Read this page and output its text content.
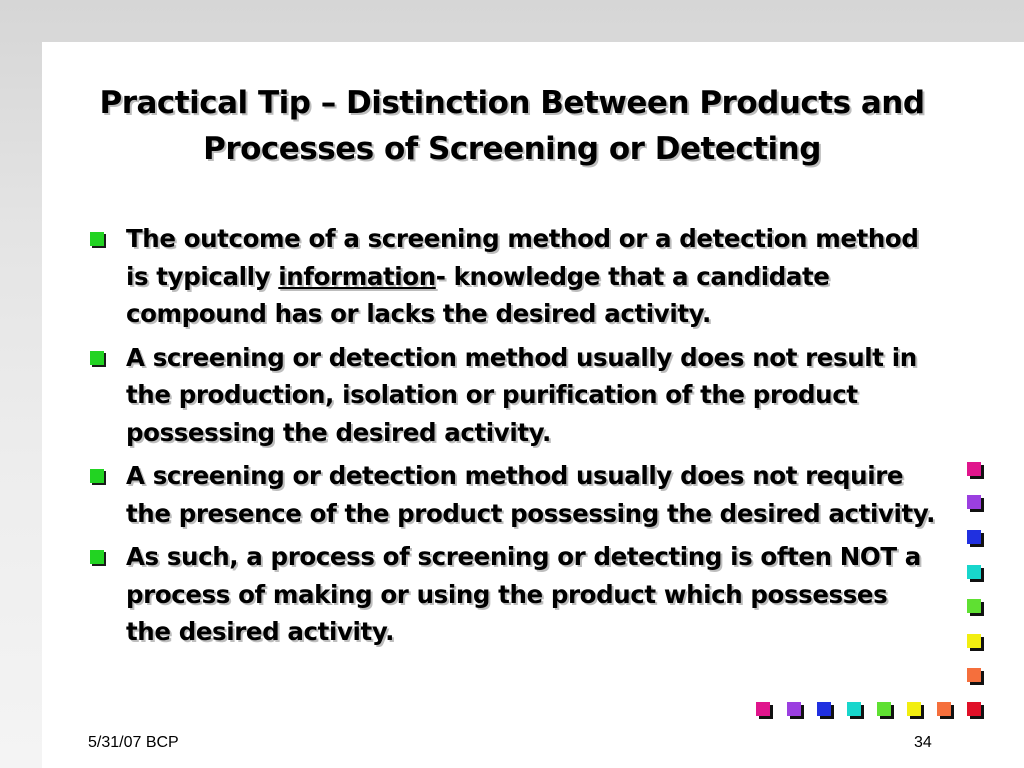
Practical Tip – Distinction Between Products and
Processes of Screening or Detecting
The outcome of a screening method or a detection method is typically information- knowledge that a candidate compound has or lacks the desired activity.
A screening or detection method usually does not result in the production, isolation or purification of the product possessing the desired activity.
A screening or detection method usually does not require the presence of the product possessing the desired activity.
As such, a process of screening or detecting is often NOT a process of making or using the product which possesses the desired activity.
5/31/07 BCP	34
